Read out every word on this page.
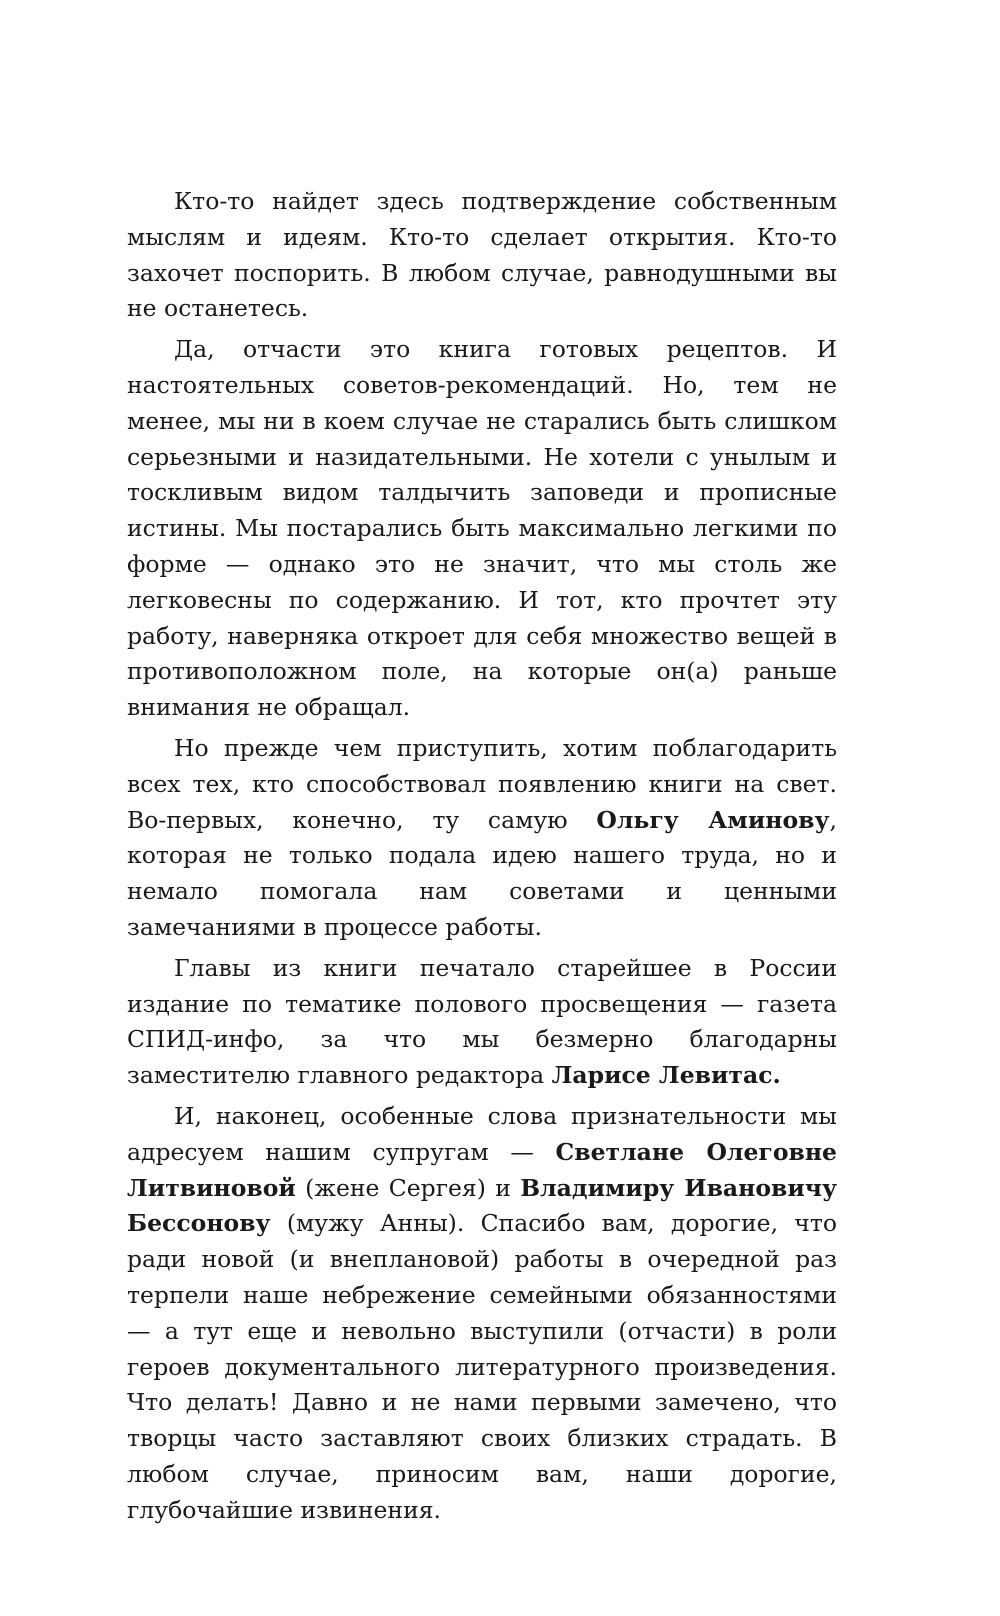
Кто-то найдет здесь подтверждение собственным мыслям и идеям. Кто-то сделает открытия. Кто-то захочет поспорить. В любом случае, равнодушными вы не останетесь.

Да, отчасти это книга готовых рецептов. И настоятельных советов-рекомендаций. Но, тем не менее, мы ни в коем случае не старались быть слишком серьезными и назидательными. Не хотели с унылым и тоскливым видом талдычить заповеди и прописные истины. Мы постарались быть максимально легкими по форме — однако это не значит, что мы столь же легковесны по содержанию. И тот, кто прочтет эту работу, наверняка откроет для себя множество вещей в противоположном поле, на которые он(а) раньше внимания не обращал.

Но прежде чем приступить, хотим поблагодарить всех тех, кто способствовал появлению книги на свет. Во-первых, конечно, ту самую Ольгу Аминову, которая не только подала идею нашего труда, но и немало помогала нам советами и ценными замечаниями в процессе работы.

Главы из книги печатало старейшее в России издание по тематике полового просвещения — газета СПИД-инфо, за что мы безмерно благодарны заместителю главного редактора Ларисе Левитас.

И, наконец, особенные слова признательности мы адресуем нашим супругам — Светлане Олеговне Литвиновой (жене Сергея) и Владимиру Ивановичу Бессонову (мужу Анны). Спасибо вам, дорогие, что ради новой (и внеплановой) работы в очередной раз терпели наше небрежение семейными обязанностями — а тут еще и невольно выступили (отчасти) в роли героев документального литературного произведения. Что делать! Давно и не нами первыми замечено, что творцы часто заставляют своих близких страдать. В любом случае, приносим вам, наши дорогие, глубочайшие извинения.
